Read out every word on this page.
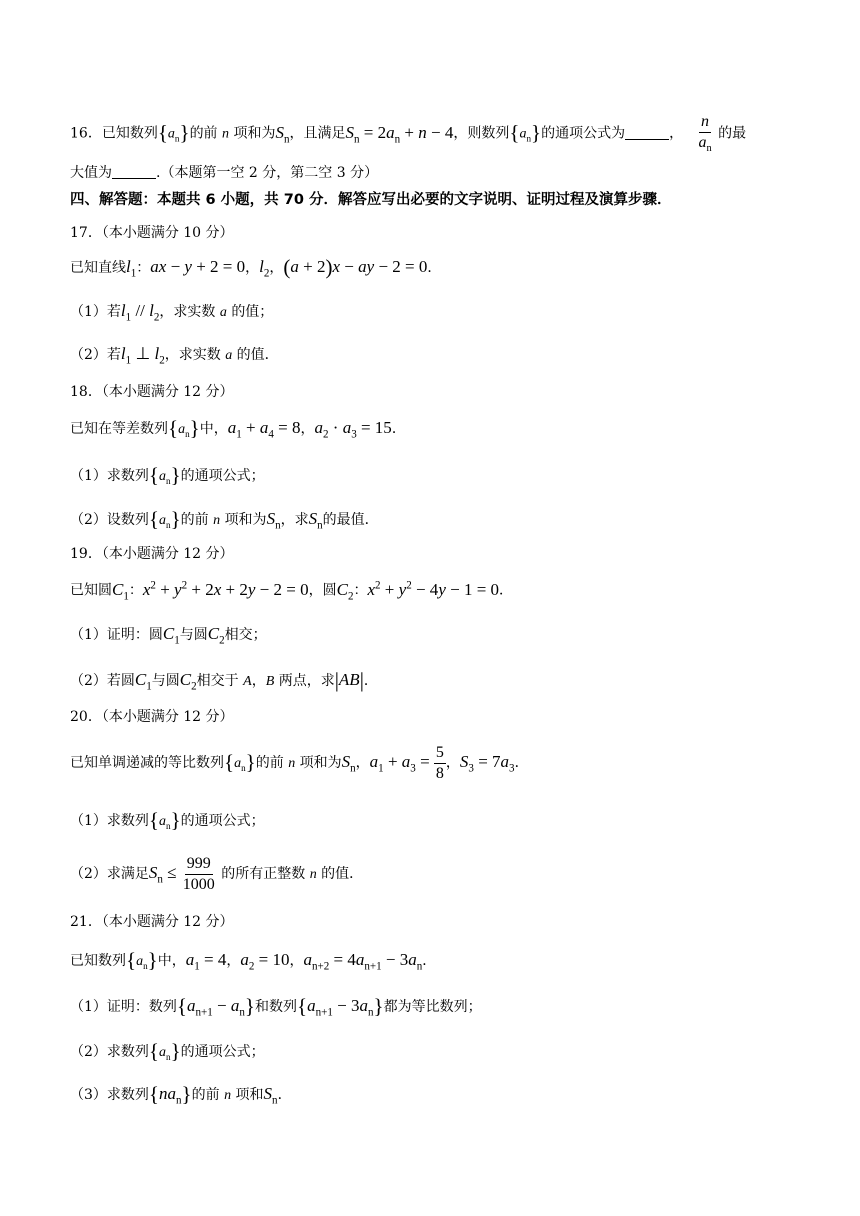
16．已知数列$\{a_n\}$的前 n 项和为$S_n$，且满足$S_n = 2a_n + n - 4$，则数列$\{a_n\}$的通项公式为	， $\frac{n}{a_n}$ 的最
大值为	.（本题第一空 2 分，第二空 3 分）
四、解答题：本题共 6 小题，共 70 分．解答应写出必要的文字说明、证明过程及演算步骤．
17．（本小题满分 10 分）
已知直线$l_1$：ax − y + 2 = 0，$l_2$，(a + 2)x − ay − 2 = 0．
（1）若$l_1 // l_2$，求实数 a 的值；
（2）若$l_1$ ⊥ $l_2$，求实数 a 的值．
18．（本小题满分 12 分）
已知在等差数列$\{a_n\}$中，$a_1 + a_4 = 8$，$a_2 \cdot a_3 = 15$．
（1）求数列$\{a_n\}$的通项公式；
（2）设数列$\{a_n\}$的前 n 项和为$S_n$，求$S_n$的最值．
19．（本小题满分 12 分）
已知圆$C_1$：$x^2 + y^2 + 2x + 2y - 2 = 0$，圆$C_2$：$x^2 + y^2 - 4y - 1 = 0$．
（1）证明：圆$C_1$与圆$C_2$相交；
（2）若圆$C_1$与圆$C_2$相交于 A，B 两点，求|AB|．
20．（本小题满分 12 分）
已知单调递减的等比数列$\{a_n\}$的前 n 项和为$S_n$，$a_1 + a_3 = \frac{5}{8}$ ，$S_3 = 7a_3$．
（1）求数列$\{a_n\}$的通项公式；
（2）求满足$S_n \le \frac{999}{1000}$ 的所有正整数 n 的值．
21．（本小题满分 12 分）
已知数列$\{a_n\}$中，$a_1 = 4$，$a_2 = 10$，$a_{n+2} = 4a_{n+1} - 3a_n$．
（1）证明：数列$\{a_{n+1} - a_n\}$和数列$\{a_{n+1} - 3a_n\}$都为等比数列；
（2）求数列$\{a_n\}$的通项公式；
（3）求数列$\{na_n\}$的前 n 项和$S_n$．
